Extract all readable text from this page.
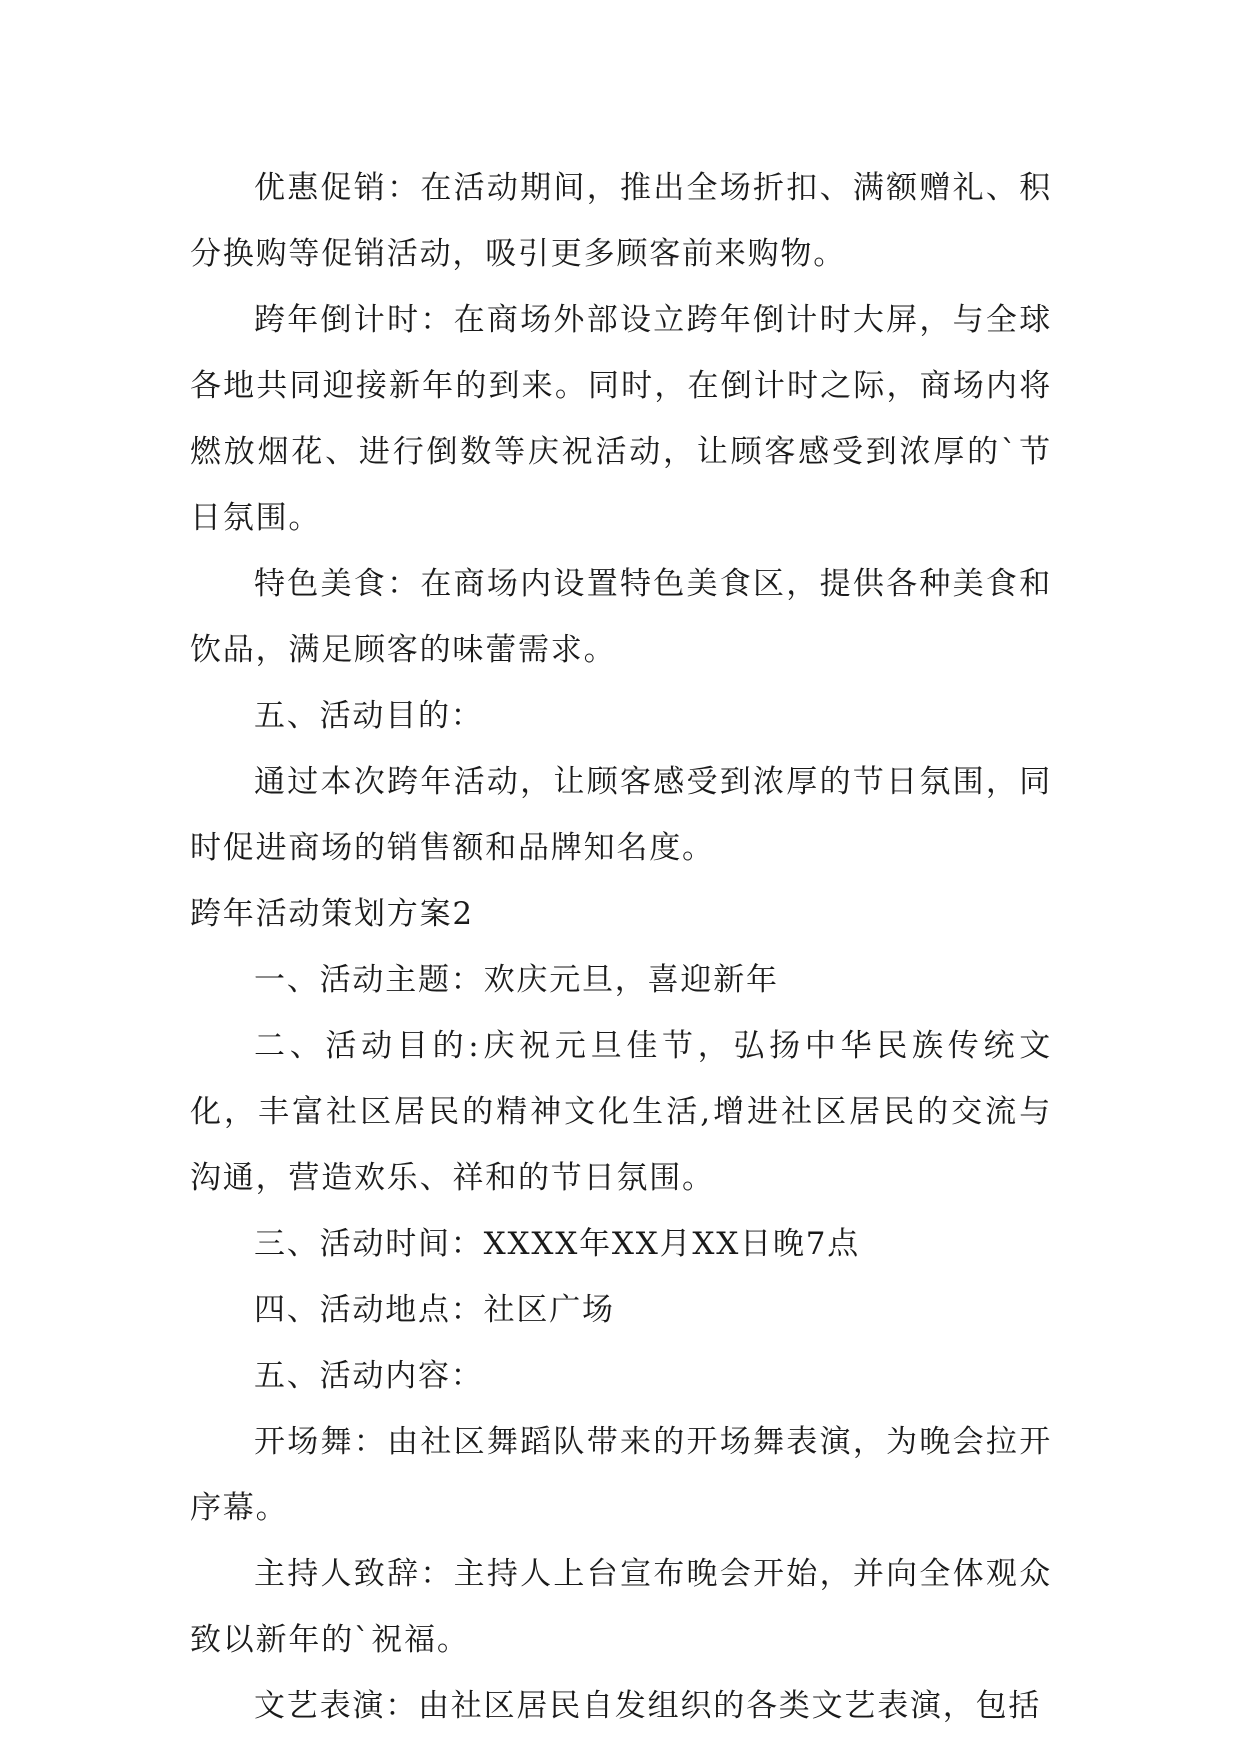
优惠促销：在活动期间，推出全场折扣、满额赠礼、积分换购等促销活动，吸引更多顾客前来购物。

跨年倒计时：在商场外部设立跨年倒计时大屏，与全球各地共同迎接新年的到来。同时，在倒计时之际，商场内将燃放烟花、进行倒数等庆祝活动，让顾客感受到浓厚的`节日氛围。

特色美食：在商场内设置特色美食区，提供各种美食和饮品，满足顾客的味蕾需求。

五、活动目的：

通过本次跨年活动，让顾客感受到浓厚的节日氛围，同时促进商场的销售额和品牌知名度。

跨年活动策划方案2

一、活动主题：欢庆元旦，喜迎新年

二、活动目的:庆祝元旦佳节，弘扬中华民族传统文化，丰富社区居民的精神文化生活,增进社区居民的交流与沟通，营造欢乐、祥和的节日氛围。

三、活动时间：XXXX年XX月XX日晚7点

四、活动地点：社区广场

五、活动内容：

开场舞：由社区舞蹈队带来的开场舞表演，为晚会拉开序幕。

主持人致辞：主持人上台宣布晚会开始，并向全体观众致以新年的`祝福。

文艺表演：由社区居民自发组织的各类文艺表演，包括
